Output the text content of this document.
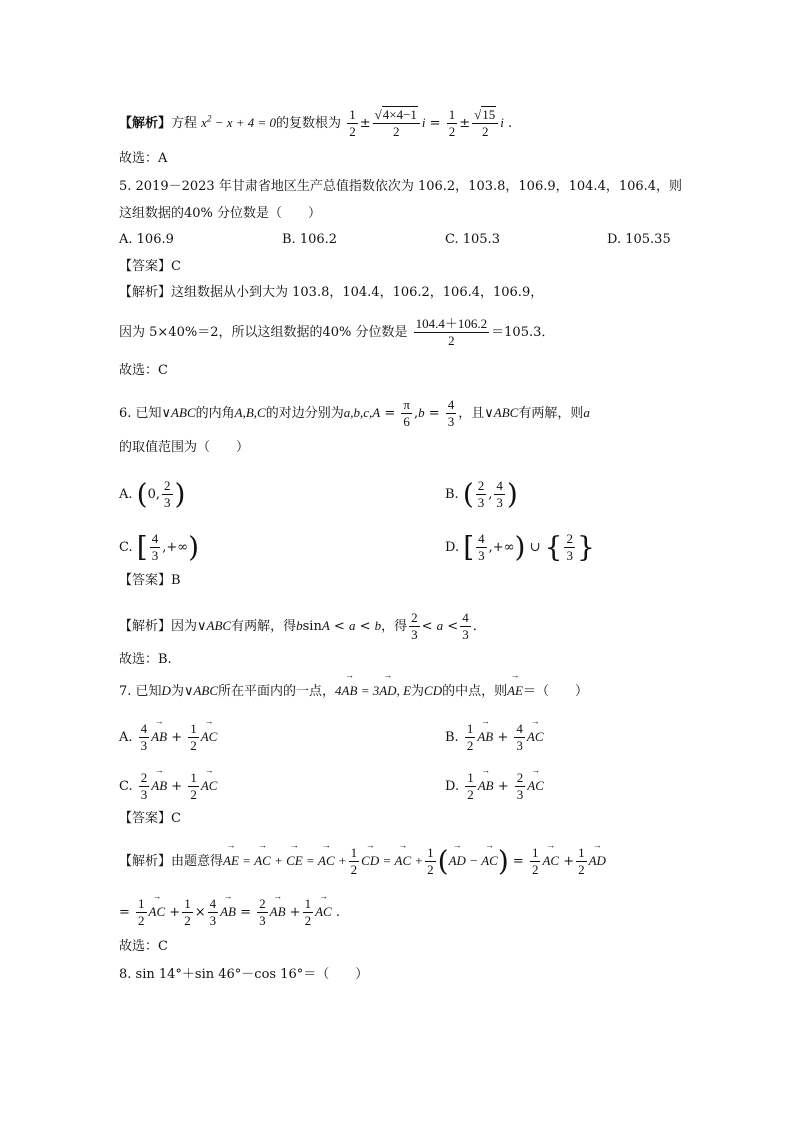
【解析】方程 $x^2 - x + 4 = 0$的复数根为 $\frac{1}{2} \pm \frac{√4\times 4-1}{2}$ $i = \frac{1}{2} \pm \frac{√15}{2}$ i .
故选：A
5. 2019－2023 年甘肃省地区生产总值指数依次为 106.2，103.8，106.9，104.4，106.4，则
这组数据的40% 分位数是（　　）
A. 106.9	B. 106.2	C. 105.3	D. 105.35
【答案】C
【解析】这组数据从小到大为 103.8，104.4，106.2，106.4，106.9，
因为 5×40%＝2，所以这组数据的40% 分位数是 $\frac{104.4+106.2}{2} =105.3$．
故选：C
6. 已知∨ABC的内角A,B,C的对边分别为$a,b,c,A = \frac{\pi}{6} ,b = \frac{4}{3}$ ，且∨ABC有两解，则a
的取值范围为（　　）
A. (0, $\frac{2}{3}$ )	B. ( $\frac{2}{3}$ , $\frac{4}{3}$ )
C. [ $\frac{4}{3}$ ,+∞)	D. [ $\frac{4}{3}$ ,+∞) ∪ { $\frac{2}{3}$ }
【答案】B
【解析】因为∨ABC有两解，得bsinA < a < b，得 $\frac{2}{3} < a < \frac{4}{3}$ ．
故选：B.
7. 已知D为∨ABC所在平面内的一点，4→ AB = 3→ AD, E为CD的中点，则→ AE＝（　　）
A. $\frac{4}{3}$ → AB + $\frac{1}{2}$ → AC	B. $\frac{1}{2}$ → AB + $\frac{4}{3}$ → AC
C. $\frac{2}{3}$ → AB + $\frac{1}{2}$ → AC	D. $\frac{1}{2}$ → AB + $\frac{2}{3}$ → AC
【答案】C
【解析】由题意得→ AE = → AC + → CE = → AC + $\frac{1}{2}$ → CD = → AC + $\frac{1}{2}$ (→ AD − → $AC) = \frac{1}{2}$ → AC + $\frac{1}{2}$ → AD
= $\frac{1}{2}$ → AC + $\frac{1}{2} \times \frac{4}{3}$ → AB = $\frac{2}{3}$ → AB + $\frac{1}{2}$ → AC .
故选：C
8. sin 14°＋sin 46°－cos 16°＝（　　）
